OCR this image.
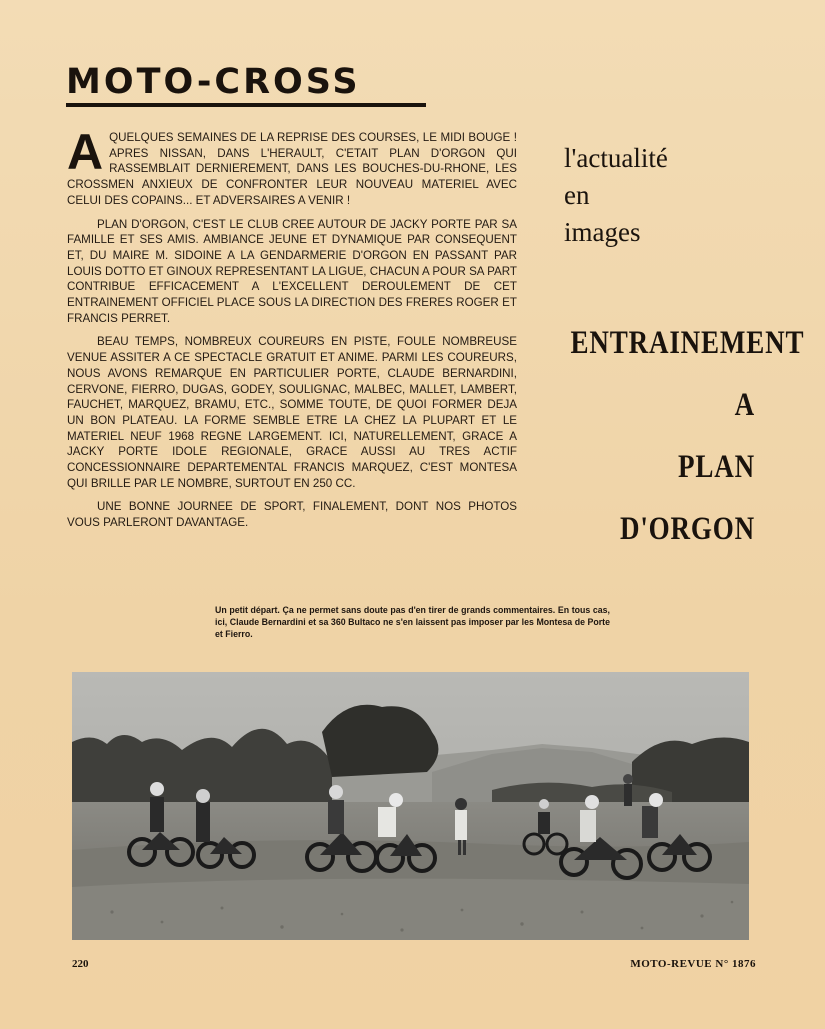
MOTO-CROSS

AQUELQUES SEMAINES DE LA REPRISE DES COURSES, LE MIDI BOUGE ! APRES NISSAN, DANS L'HERAULT, C'ETAIT PLAN D'ORGON QUI RASSEMBLAIT DERNIEREMENT, DANS LES BOUCHES-DU-RHONE, LES CROSSMEN ANXIEUX DE CONFRONTER LEUR NOUVEAU MATERIEL AVEC CELUI DES COPAINS... ET ADVERSAIRES A VENIR !

PLAN D'ORGON, C'EST LE CLUB CREE AUTOUR DE JACKY PORTE PAR SA FAMILLE ET SES AMIS. AMBIANCE JEUNE ET DYNAMIQUE PAR CONSEQUENT ET, DU MAIRE M. SIDOINE A LA GENDARMERIE D'ORGON EN PASSANT PAR LOUIS DOTTO ET GINOUX REPRESENTANT LA LIGUE, CHACUN A POUR SA PART CONTRIBUE EFFICACEMENT A L'EXCELLENT DEROULEMENT DE CET ENTRAINEMENT OFFICIEL PLACE SOUS LA DIRECTION DES FRERES ROGER ET FRANCIS PERRET.

BEAU TEMPS, NOMBREUX COUREURS EN PISTE, FOULE NOMBREUSE VENUE ASSITER A CE SPECTACLE GRATUIT ET ANIME. PARMI LES COUREURS, NOUS AVONS REMARQUE EN PARTICULIER PORTE, CLAUDE BERNARDINI, CERVONE, FIERRO, DUGAS, GODEY, SOULIGNAC, MALBEC, MALLET, LAMBERT, FAUCHET, MARQUEZ, BRAMU, ETC., SOMME TOUTE, DE QUOI FORMER DEJA UN BON PLATEAU. LA FORME SEMBLE ETRE LA CHEZ LA PLUPART ET LE MATERIEL NEUF 1968 REGNE LARGEMENT. ICI, NATURELLEMENT, GRACE A JACKY PORTE IDOLE REGIONALE, GRACE AUSSI AU TRES ACTIF CONCESSIONNAIRE DEPARTEMENTAL FRANCIS MARQUEZ, C'EST MONTESA QUI BRILLE PAR LE NOMBRE, SURTOUT EN 250 CC.

UNE BONNE JOURNEE DE SPORT, FINALEMENT, DONT NOS PHOTOS VOUS PARLERONT DAVANTAGE.

l'actualité
en
images
ENTRAINEMENT
A
PLAN D'ORGON
Un petit départ. Ça ne permet sans doute pas d'en tirer de grands commentaires. En tous cas, ici, Claude Bernardini et sa 360 Bultaco ne s'en laissent pas imposer par les Montesa de Porte et Fierro.
220	MOTO-REVUE N° 1876
